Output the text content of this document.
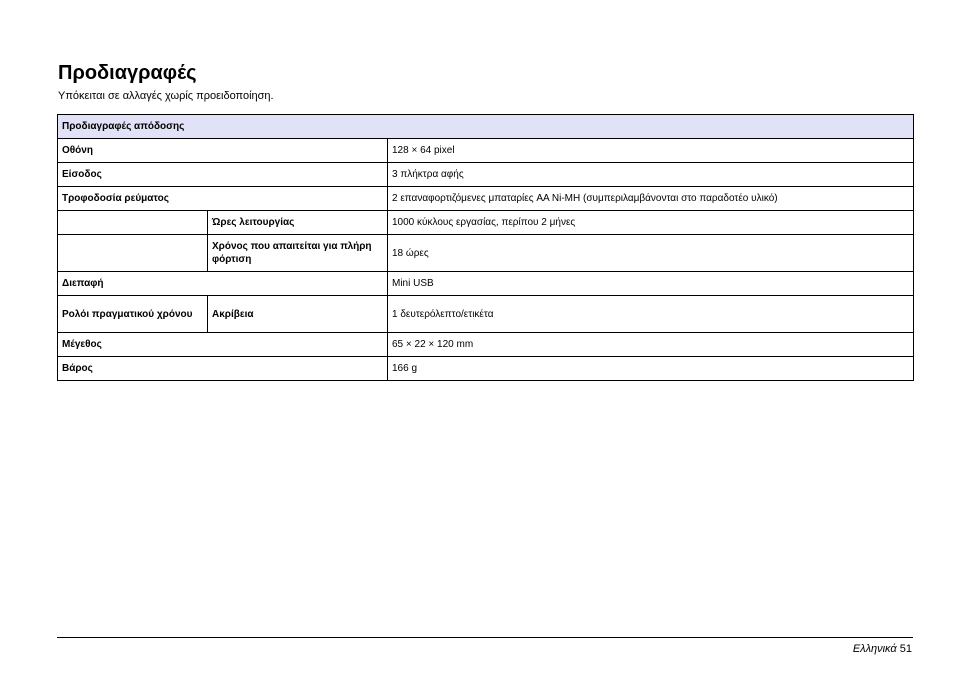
Προδιαγραφές

Υπόκειται σε αλλαγές χωρίς προειδοποίηση.

Προδιαγραφές απόδοσης		
Οθόνη		128 × 64 pixel
Είσοδος		3 πλήκτρα αφής
Τροφοδοσία ρεύματος		2 επαναφορτιζόμενες μπαταρίες AA Ni-MH (συμπεριλαμβάνονται στο παραδοτέο υλικό)
	Ώρες λειτουργίας	1000 κύκλους εργασίας, περίπου 2 μήνες
	Χρόνος που απαιτείται για πλήρη φόρτιση	18 ώρες
Διεπαφή		Mini USB
Ρολόι πραγματικού χρόνου	Ακρίβεια	1 δευτερόλεπτο/ετικέτα
Μέγεθος		65 × 22 × 120 mm
Βάρος		166 g
Ελληνικά 51
